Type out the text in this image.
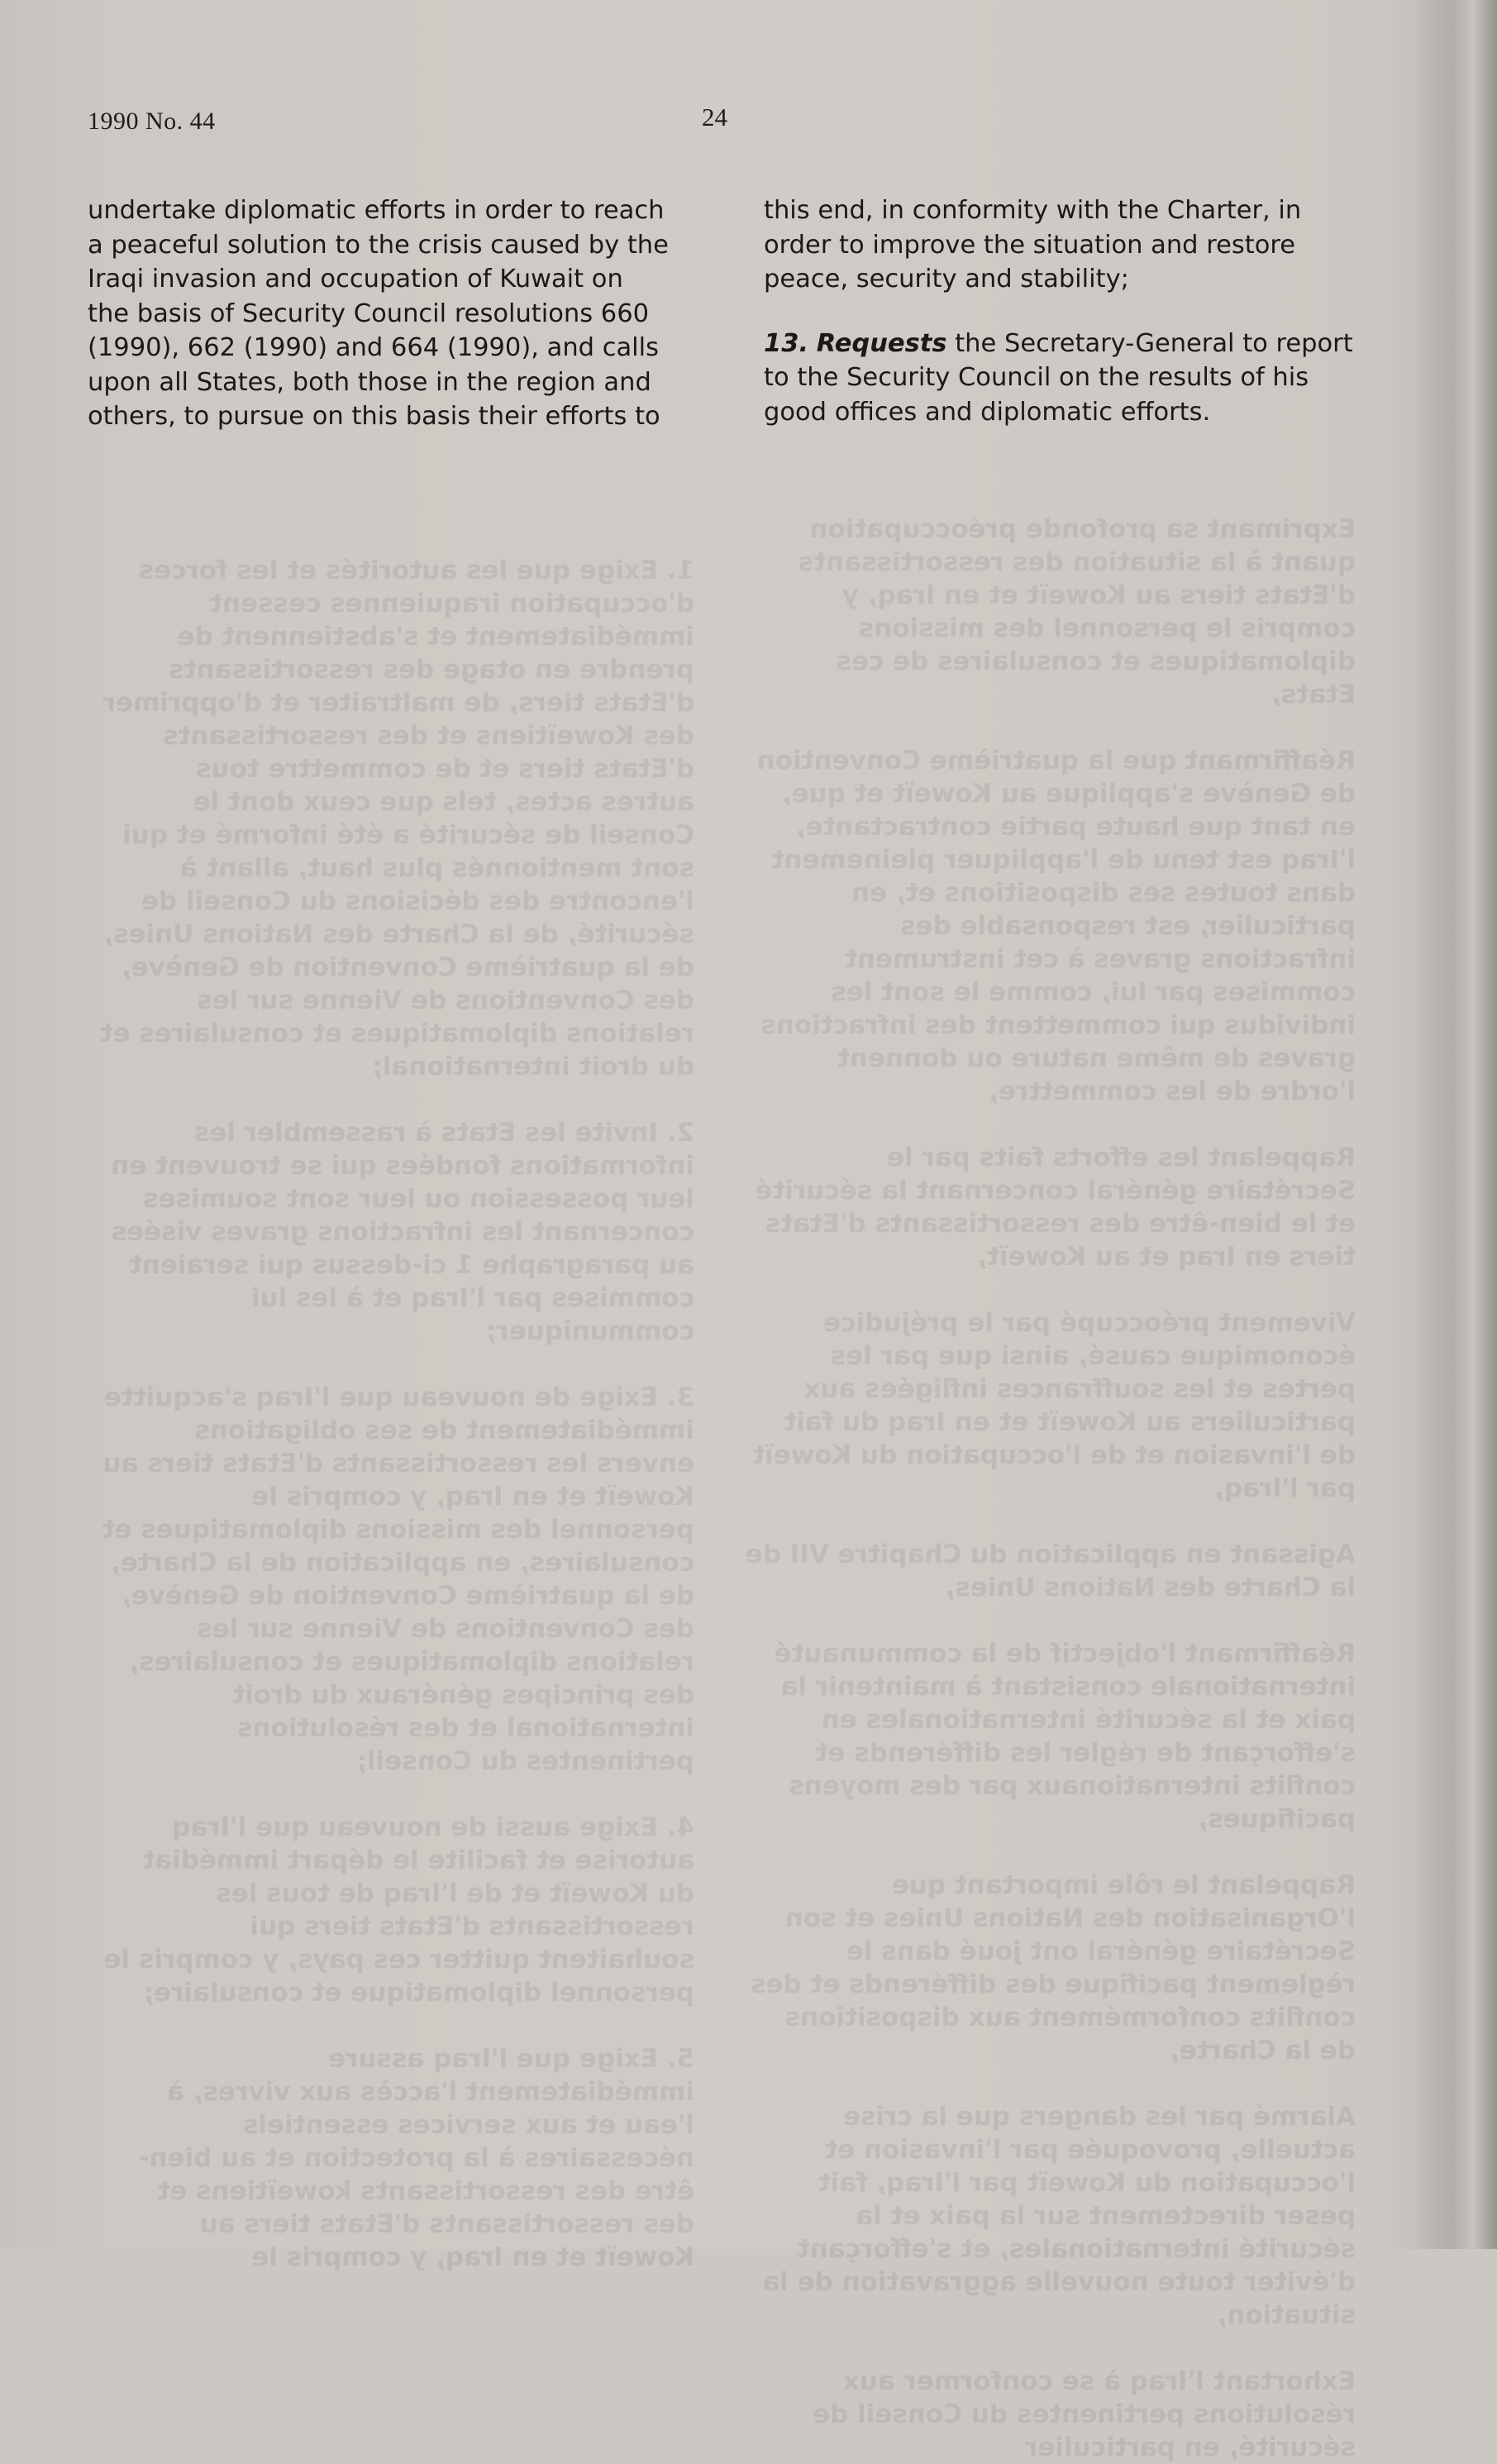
1. Exige que les autorités et les forces d'occupation iraquiennes cessent immédiatement et s'abstiennent de prendre en otage des ressortissants d'Etats tiers, de maltraiter et d'opprimer des Koweïtiens et des ressortissants d'Etats tiers et de commettre tous autres actes, tels que ceux dont le Conseil de sécurité a été informé et qui sont mentionnés plus haut, allant à l'encontre des décisions du Conseil de sécurité, de la Charte des Nations Unies, de la quatrième Convention de Genève, des Conventions de Vienne sur les relations diplomatiques et consulaires et du droit international;

2. Invite les Etats à rassembler les informations fondées qui se trouvent en leur possession ou leur sont soumises concernant les infractions graves visées au paragraphe 1 ci-dessus qui seraient commises par l'Iraq et à les lui communiquer;

3. Exige de nouveau que l'Iraq s'acquitte immédiatement de ses obligations envers les ressortissants d'Etats tiers au Koweït et en Iraq, y compris le personnel des missions diplomatiques et consulaires, en application de la Charte, de la quatrième Convention de Genève, des Conventions de Vienne sur les relations diplomatiques et consulaires, des principes généraux du droit international et des résolutions pertinentes du Conseil;

4. Exige aussi de nouveau que l'Iraq autorise et facilite le départ immédiat du Koweït et de l'Iraq de tous les ressortissants d'Etats tiers qui souhaitent quitter ces pays, y compris le personnel diplomatique et consulaire;

5. Exige que l'Iraq assure immédiatement l'accès aux vivres, à l'eau et aux services essentiels nécessaires à la protection et au bien-être des ressortissants koweïtiens et des ressortissants d'Etats tiers au Koweït et en Iraq, y compris le
Exprimant sa profonde préoccupation quant à la situation des ressortissants d'Etats tiers au Koweït et en Iraq, y compris le personnel des missions diplomatiques et consulaires de ces Etats,

Réaffirmant que la quatrième Convention de Genève s'applique au Koweït et que, en tant que haute partie contractante, l'Iraq est tenu de l'appliquer pleinement dans toutes ses dispositions et, en particulier, est responsable des infractions graves à cet instrument commises par lui, comme le sont les individus qui commettent des infractions graves de même nature ou donnent l'ordre de les commettre,

Rappelant les efforts faits par le Secrétaire général concernant la sécurité et le bien-être des ressortissants d'Etats tiers en Iraq et au Koweït,

Vivement préoccupé par le préjudice économique causé, ainsi que par les pertes et les souffrances infligées aux particuliers au Koweït et en Iraq du fait de l'invasion et de l'occupation du Koweït par l'Iraq,

Agissant en application du Chapitre VII de la Charte des Nations Unies,

Réaffirmant l'objectif de la communauté internationale consistant à maintenir la paix et la sécurité internationales en s'efforçant de régler les différends et conflits internationaux par des moyens pacifiques,

Rappelant le rôle important que l'Organisation des Nations Unies et son Secrétaire général ont joué dans le règlement pacifique des différends et des conflits conformément aux dispositions de la Charte,

Alarmé par les dangers que la crise actuelle, provoquée par l'invasion et l'occupation du Koweït par l'Iraq, fait peser directement sur la paix et la sécurité internationales, et s'efforçant d'éviter toute nouvelle aggravation de la situation,

Exhortant l'Iraq à se conformer aux résolutions pertinentes du Conseil de sécurité, en particulier
1990 No. 44	24
undertake diplomatic efforts in order to reach
a peaceful solution to the crisis caused by the
Iraqi invasion and occupation of Kuwait on
the basis of Security Council resolutions 660
(1990), 662 (1990) and 664 (1990), and calls
upon all States, both those in the region and
others, to pursue on this basis their efforts to
this end, in conformity with the Charter, in
order to improve the situation and restore
peace, security and stability;
13. Requests the Secretary-General to report
to the Security Council on the results of his
good offices and diplomatic efforts.
